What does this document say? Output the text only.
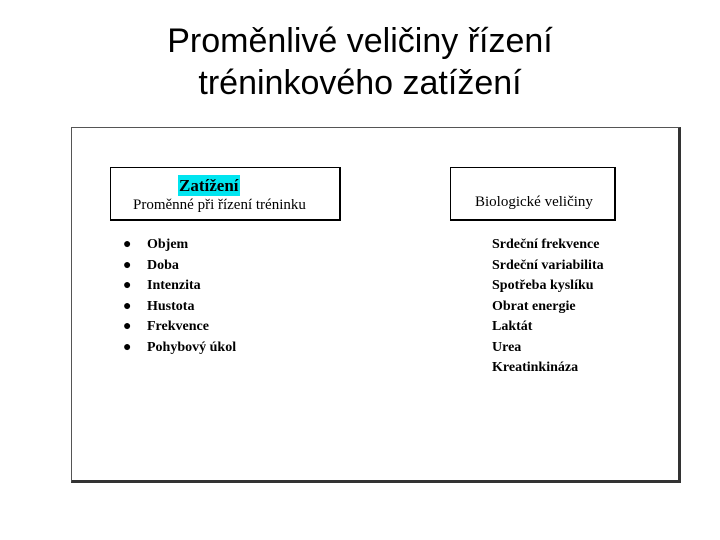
Proměnlivé veličiny řízení
tréninkového zatížení
Zatížení
Proměnné při řízení tréninku	Biologické veličiny
● Objem
● Doba
● Intenzita
● Hustota
● Frekvence
● Pohybový úkol
Srdeční frekvence
Srdeční variabilita
Spotřeba kyslíku
Obrat energie
Laktát
Urea
Kreatinkináza
